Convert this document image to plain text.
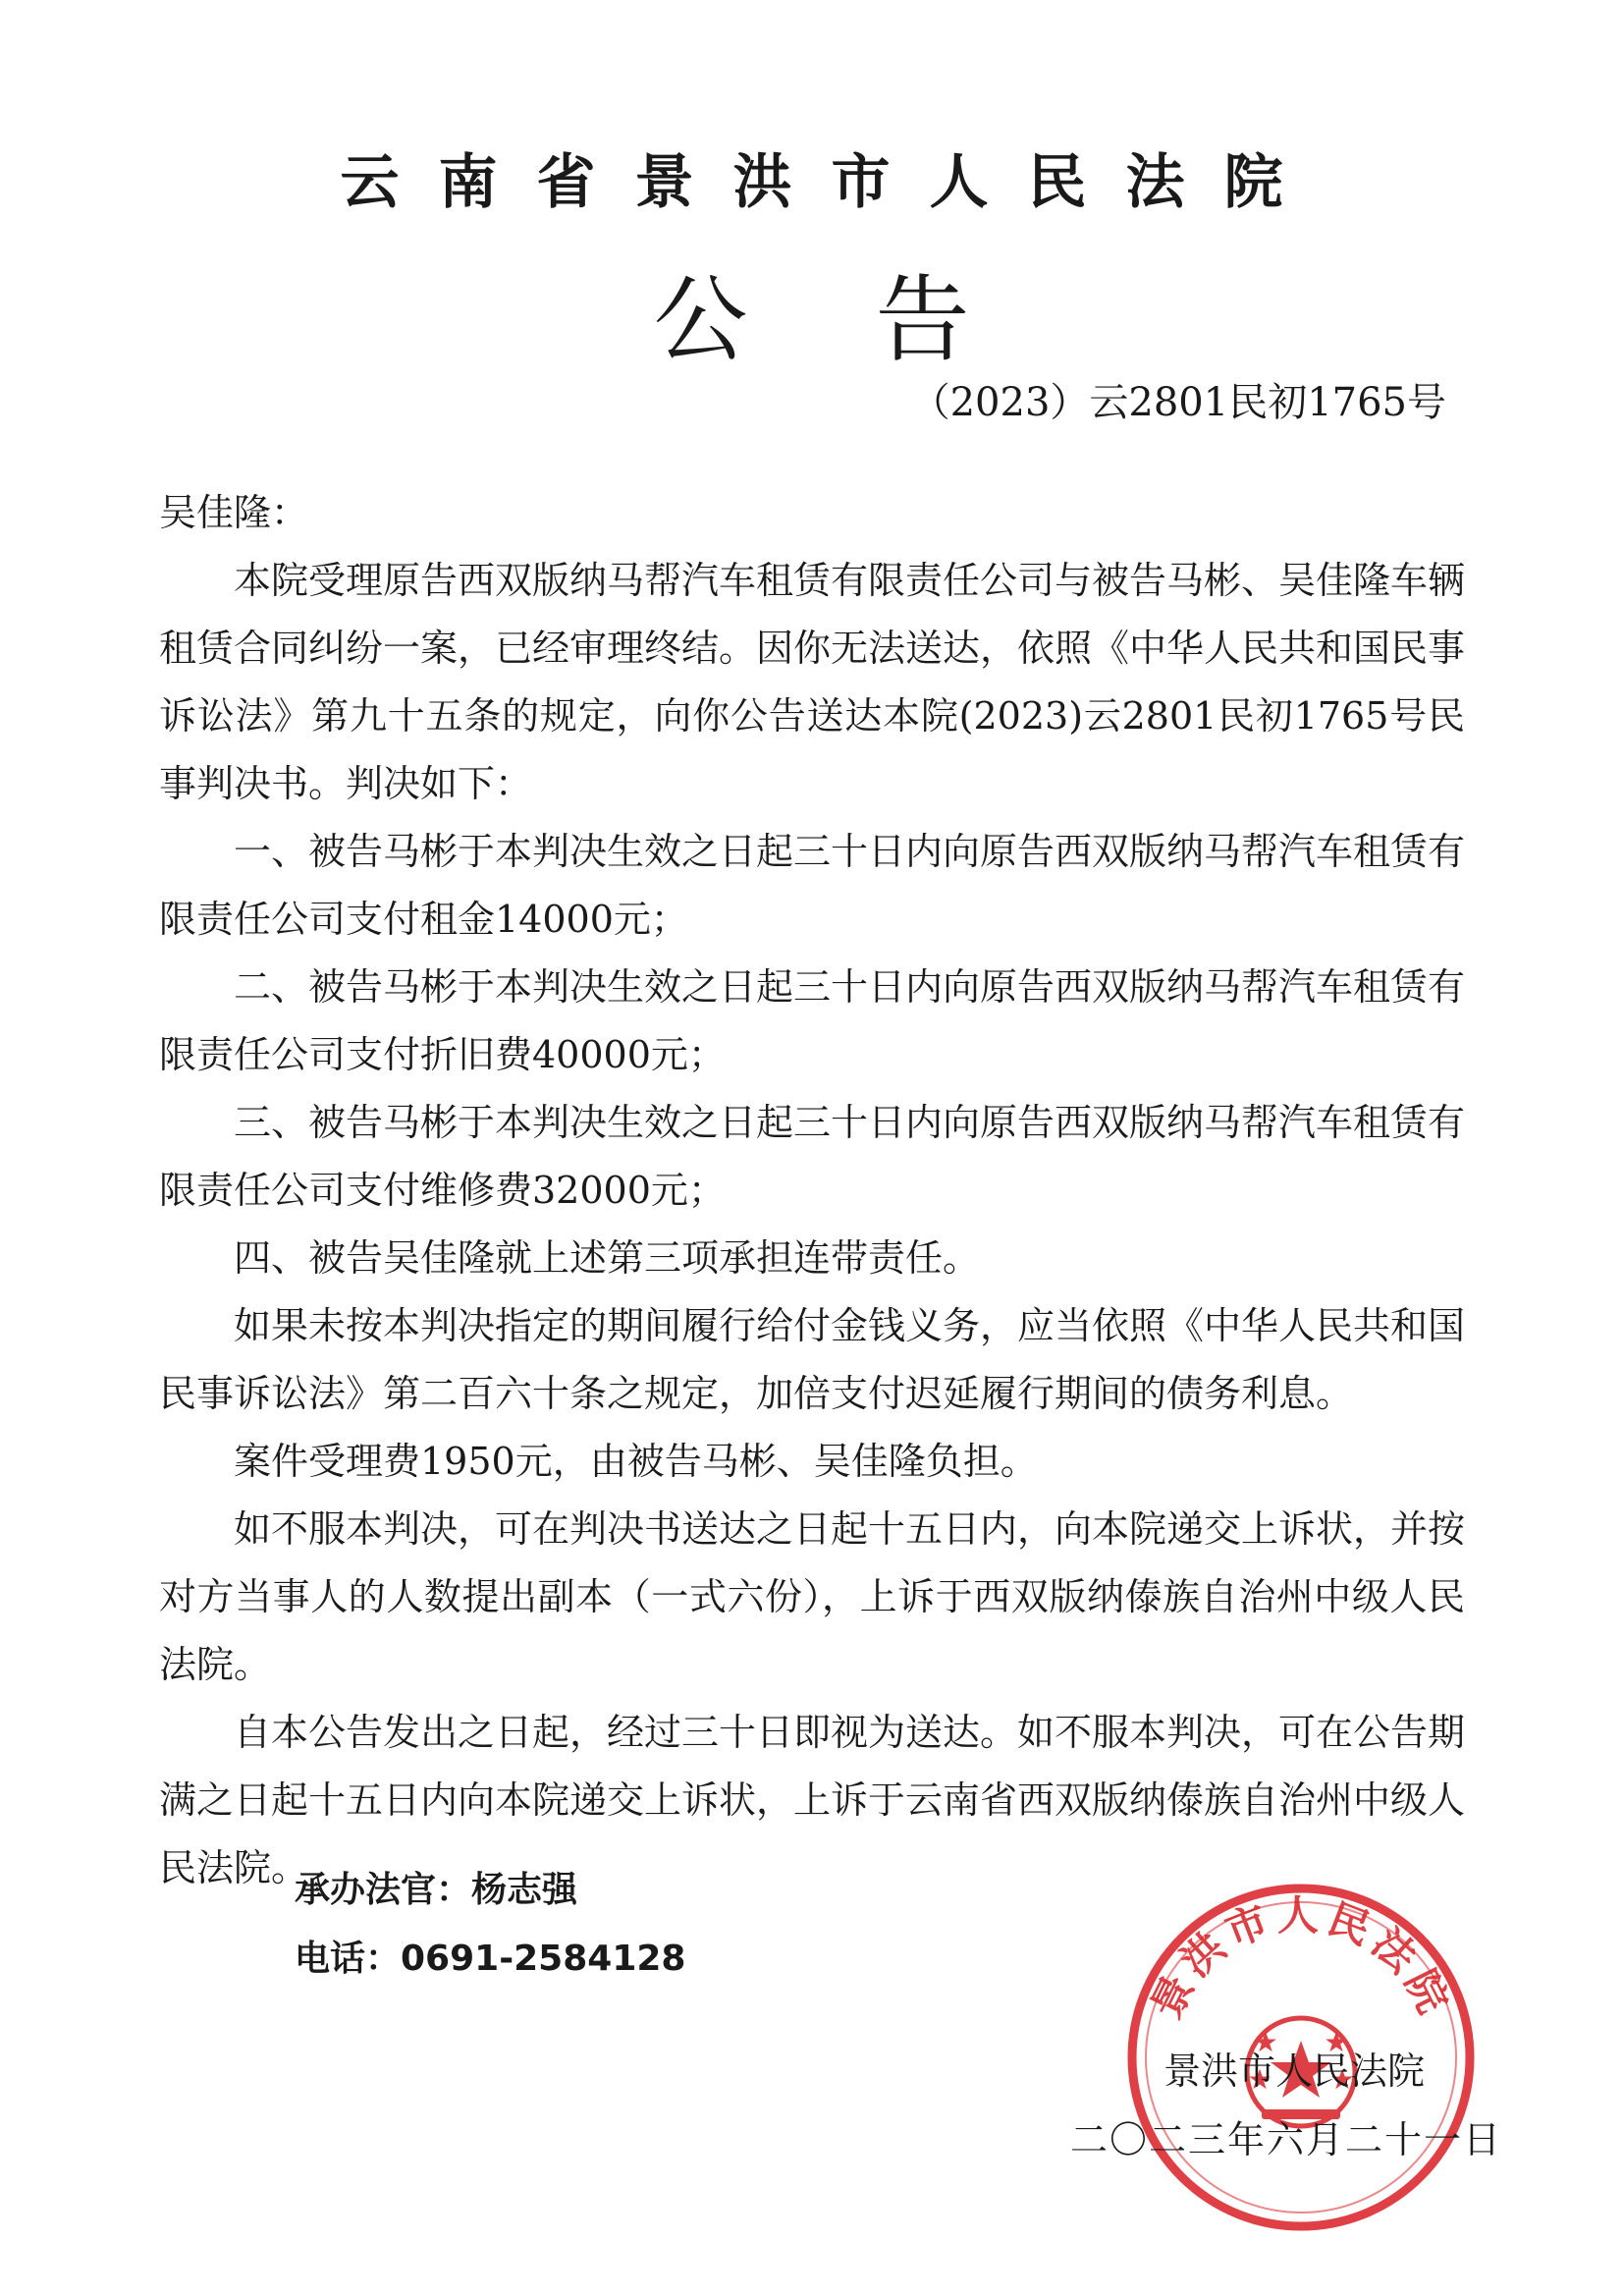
云南省景洪市人民法院
公告
（2023）云2801民初1765号

吴佳隆：

本院受理原告西双版纳马帮汽车租赁有限责任公司与被告马彬、吴佳隆车辆租赁合同纠纷一案，已经审理终结。因你无法送达，依照《中华人民共和国民事诉讼法》第九十五条的规定，向你公告送达本院(2023)云2801民初1765号民事判决书。判决如下：

一、被告马彬于本判决生效之日起三十日内向原告西双版纳马帮汽车租赁有限责任公司支付租金14000元；

二、被告马彬于本判决生效之日起三十日内向原告西双版纳马帮汽车租赁有限责任公司支付折旧费40000元；

三、被告马彬于本判决生效之日起三十日内向原告西双版纳马帮汽车租赁有限责任公司支付维修费32000元；

四、被告吴佳隆就上述第三项承担连带责任。

如果未按本判决指定的期间履行给付金钱义务，应当依照《中华人民共和国民事诉讼法》第二百六十条之规定，加倍支付迟延履行期间的债务利息。

案件受理费1950元，由被告马彬、吴佳隆负担。

如不服本判决，可在判决书送达之日起十五日内，向本院递交上诉状，并按对方当事人的人数提出副本（一式六份），上诉于西双版纳傣族自治州中级人民法院。

自本公告发出之日起，经过三十日即视为送达。如不服本判决，可在公告期满之日起十五日内向本院递交上诉状，上诉于云南省西双版纳傣族自治州中级人民法院。

承办法官：杨志强
电话：0691-2584128
景洪市人民法院
景洪市人民法院
二〇二三年六月二十一日
